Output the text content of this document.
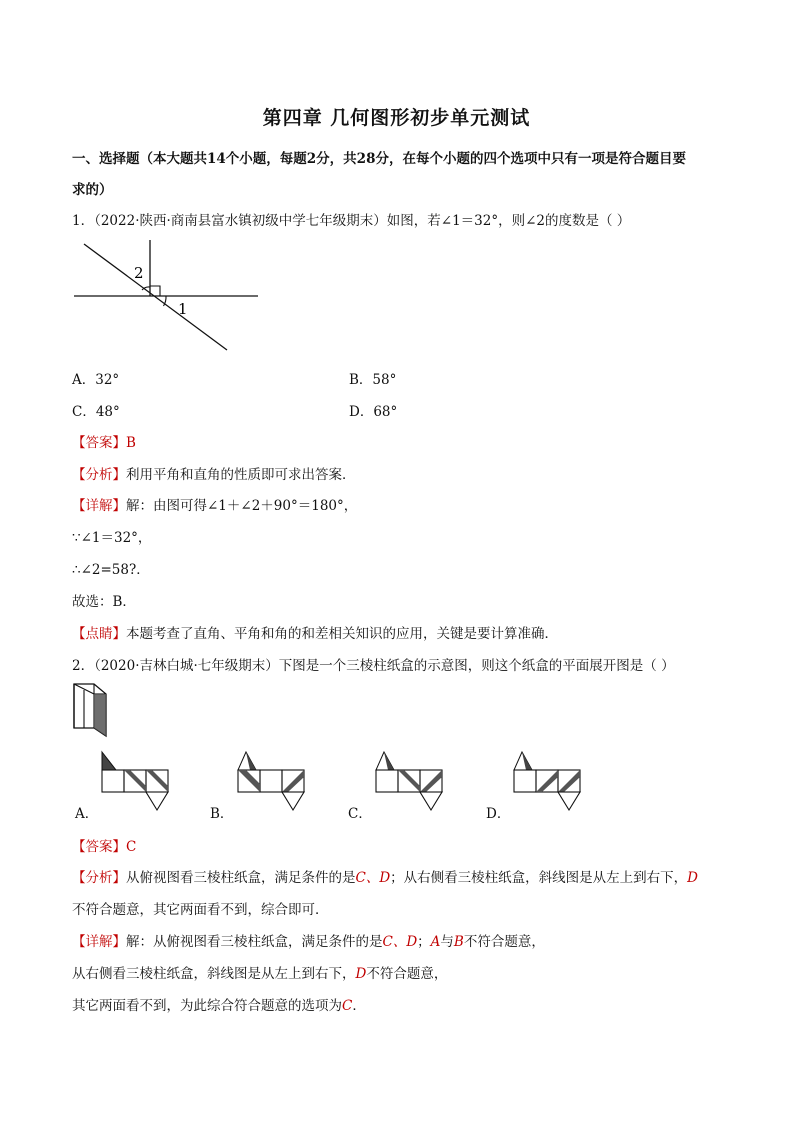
第四章 几何图形初步单元测试
一、选择题（本大题共14个小题，每题2分，共28分，在每个小题的四个选项中只有一项是符合题目要
求的）
1．（2022·陕西·商南县富水镇初级中学七年级期末）如图，若∠1＝32°，则∠2的度数是（ ）
2
1
A．32°	B．58°
C．48°	D．68°
【答案】B
【分析】利用平角和直角的性质即可求出答案．
【详解】解：由图可得∠1＋∠2＋90°＝180°，
∵∠1＝32°，
∴∠2=58?．
故选：B．
【点睛】本题考查了直角、平角和角的和差相关知识的应用，关键是要计算准确．
2．（2020·吉林白城·七年级期末）下图是一个三棱柱纸盒的示意图，则这个纸盒的平面展开图是（ ）
A．	B．	C．	D．
【答案】C
【分析】从俯视图看三棱柱纸盒，满足条件的是C、D；从右侧看三棱柱纸盒，斜线图是从左上到右下，D
不符合题意，其它两面看不到，综合即可．
【详解】解：从俯视图看三棱柱纸盒，满足条件的是C、D；A与B不符合题意，
从右侧看三棱柱纸盒，斜线图是从左上到右下，D不符合题意，
其它两面看不到，为此综合符合题意的选项为C．
